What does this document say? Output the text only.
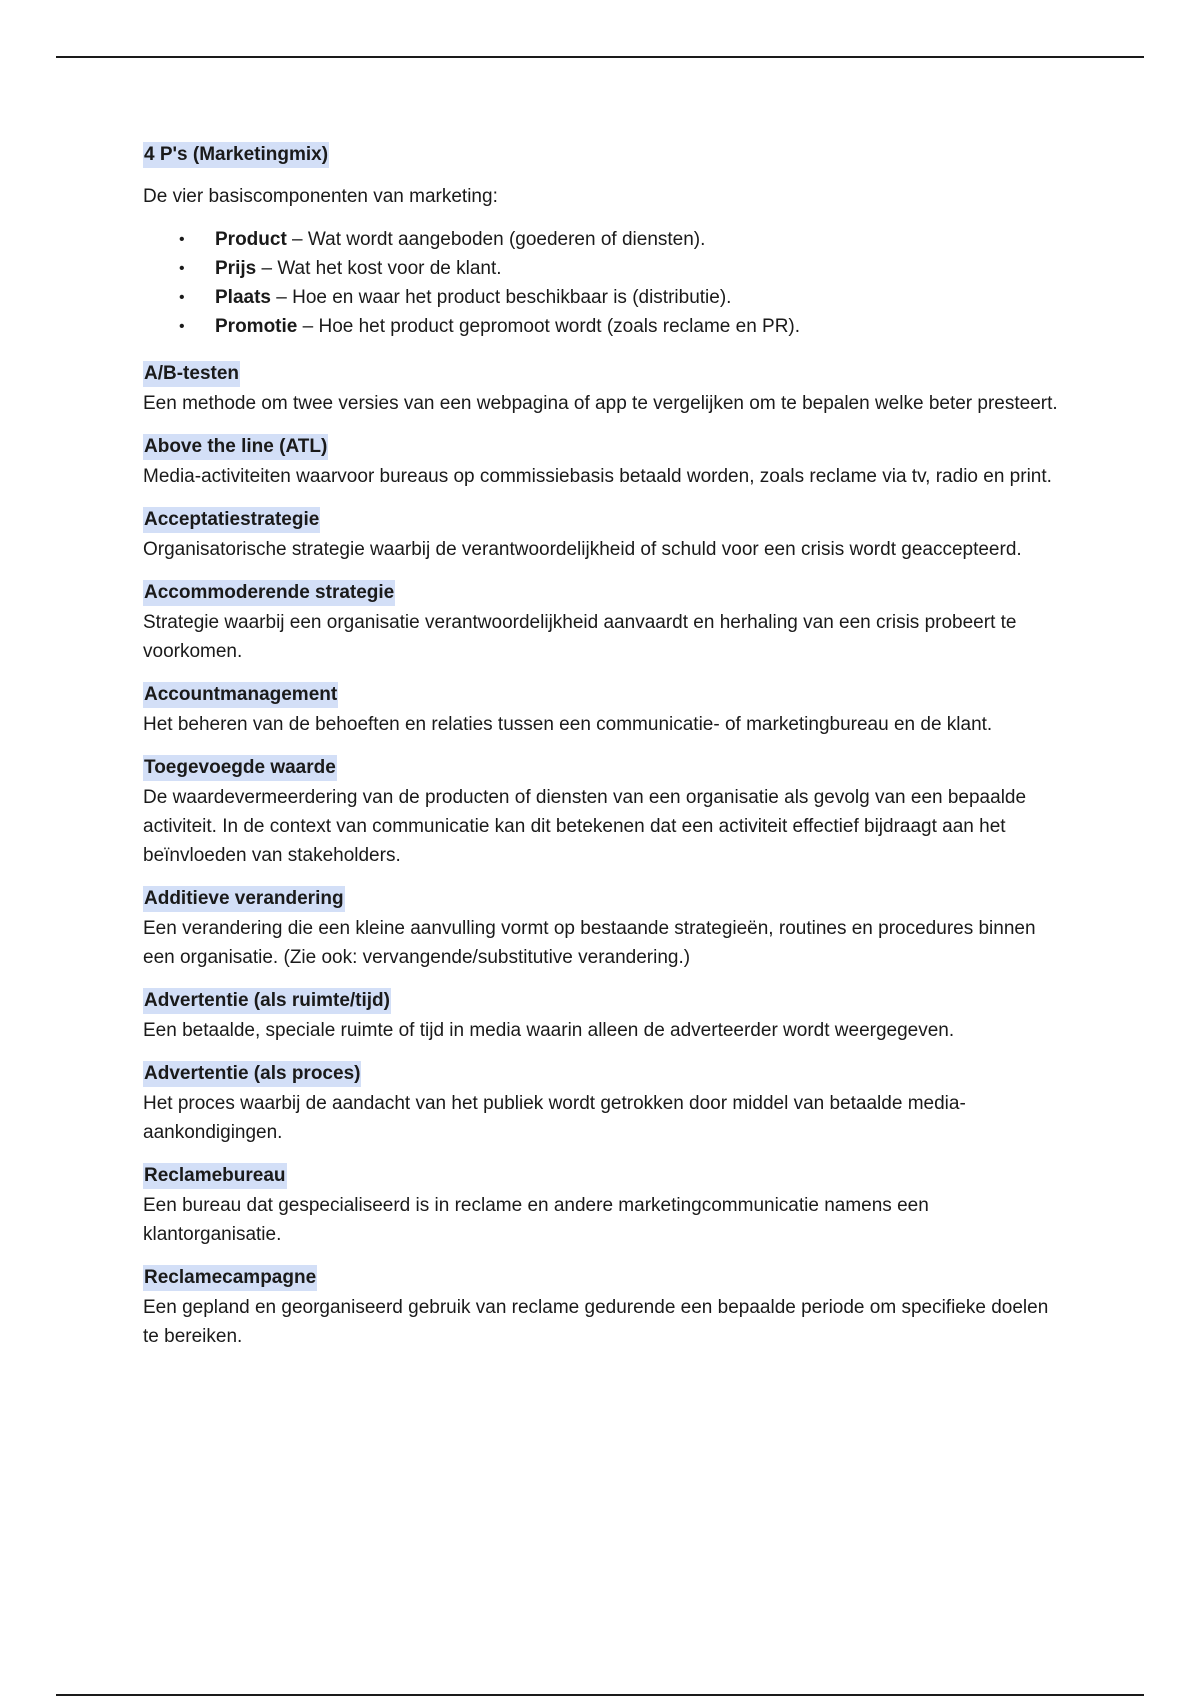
4 P's (Marketingmix)

De vier basiscomponenten van marketing:

• Product – Wat wordt aangeboden (goederen of diensten).
• Prijs – Wat het kost voor de klant.
• Plaats – Hoe en waar het product beschikbaar is (distributie).
• Promotie – Hoe het product gepromoot wordt (zoals reclame en PR).
A/B-testen

Een methode om twee versies van een webpagina of app te vergelijken om te bepalen welke beter presteert.

Above the line (ATL)

Media-activiteiten waarvoor bureaus op commissiebasis betaald worden, zoals reclame via tv, radio en print.

Acceptatiestrategie

Organisatorische strategie waarbij de verantwoordelijkheid of schuld voor een crisis wordt geaccepteerd.

Accommoderende strategie

Strategie waarbij een organisatie verantwoordelijkheid aanvaardt en herhaling van een crisis probeert te voorkomen.

Accountmanagement

Het beheren van de behoeften en relaties tussen een communicatie- of marketingbureau en de klant.

Toegevoegde waarde

De waardevermeerdering van de producten of diensten van een organisatie als gevolg van een bepaalde activiteit. In de context van communicatie kan dit betekenen dat een activiteit effectief bijdraagt aan het beïnvloeden van stakeholders.

Additieve verandering

Een verandering die een kleine aanvulling vormt op bestaande strategieën, routines en procedures binnen een organisatie. (Zie ook: vervangende/substitutive verandering.)

Advertentie (als ruimte/tijd)

Een betaalde, speciale ruimte of tijd in media waarin alleen de adverteerder wordt weergegeven.

Advertentie (als proces)

Het proces waarbij de aandacht van het publiek wordt getrokken door middel van betaalde media-aankondigingen.

Reclamebureau

Een bureau dat gespecialiseerd is in reclame en andere marketingcommunicatie namens een klantorganisatie.

Reclamecampagne

Een gepland en georganiseerd gebruik van reclame gedurende een bepaalde periode om specifieke doelen te bereiken.
